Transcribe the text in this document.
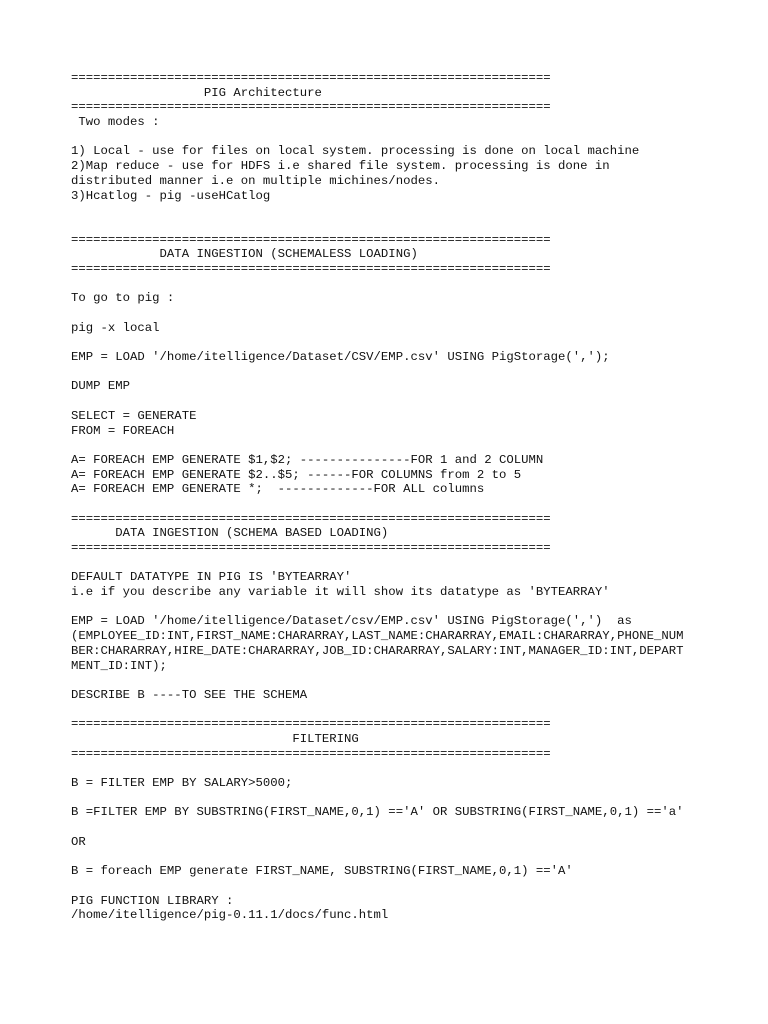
=================================================================
PIG Architecture
=================================================================
Two modes :
1) Local - use for files on local system. processing is done on local machine
2)Map reduce - use for HDFS i.e shared file system. processing is done in
distributed manner i.e on multiple michines/nodes.
3)Hcatlog - pig -useHCatlog
=================================================================
DATA INGESTION (SCHEMALESS LOADING)
=================================================================
To go to pig :
pig -x local
EMP = LOAD '/home/itelligence/Dataset/CSV/EMP.csv' USING PigStorage(',');
DUMP EMP
SELECT = GENERATE
FROM = FOREACH
A= FOREACH EMP GENERATE $1,$2; ---------------FOR 1 and 2 COLUMN
A= FOREACH EMP GENERATE $2..$5; ------FOR COLUMNS from 2 to 5
A= FOREACH EMP GENERATE *;  -------------FOR ALL columns
=================================================================
DATA INGESTION (SCHEMA BASED LOADING)
=================================================================
DEFAULT DATATYPE IN PIG IS 'BYTEARRAY'
i.e if you describe any variable it will show its datatype as 'BYTEARRAY'
EMP = LOAD '/home/itelligence/Dataset/csv/EMP.csv' USING PigStorage(',')  as
(EMPLOYEE_ID:INT,FIRST_NAME:CHARARRAY,LAST_NAME:CHARARRAY,EMAIL:CHARARRAY,PHONE_NUM
BER:CHARARRAY,HIRE_DATE:CHARARRAY,JOB_ID:CHARARRAY,SALARY:INT,MANAGER_ID:INT,DEPART
MENT_ID:INT);
DESCRIBE B ----TO SEE THE SCHEMA
=================================================================
FILTERING
=================================================================
B = FILTER EMP BY SALARY>5000;
B =FILTER EMP BY SUBSTRING(FIRST_NAME,0,1) =='A' OR SUBSTRING(FIRST_NAME,0,1) =='a'
OR
B = foreach EMP generate FIRST_NAME, SUBSTRING(FIRST_NAME,0,1) =='A'
PIG FUNCTION LIBRARY :
/home/itelligence/pig-0.11.1/docs/func.html
